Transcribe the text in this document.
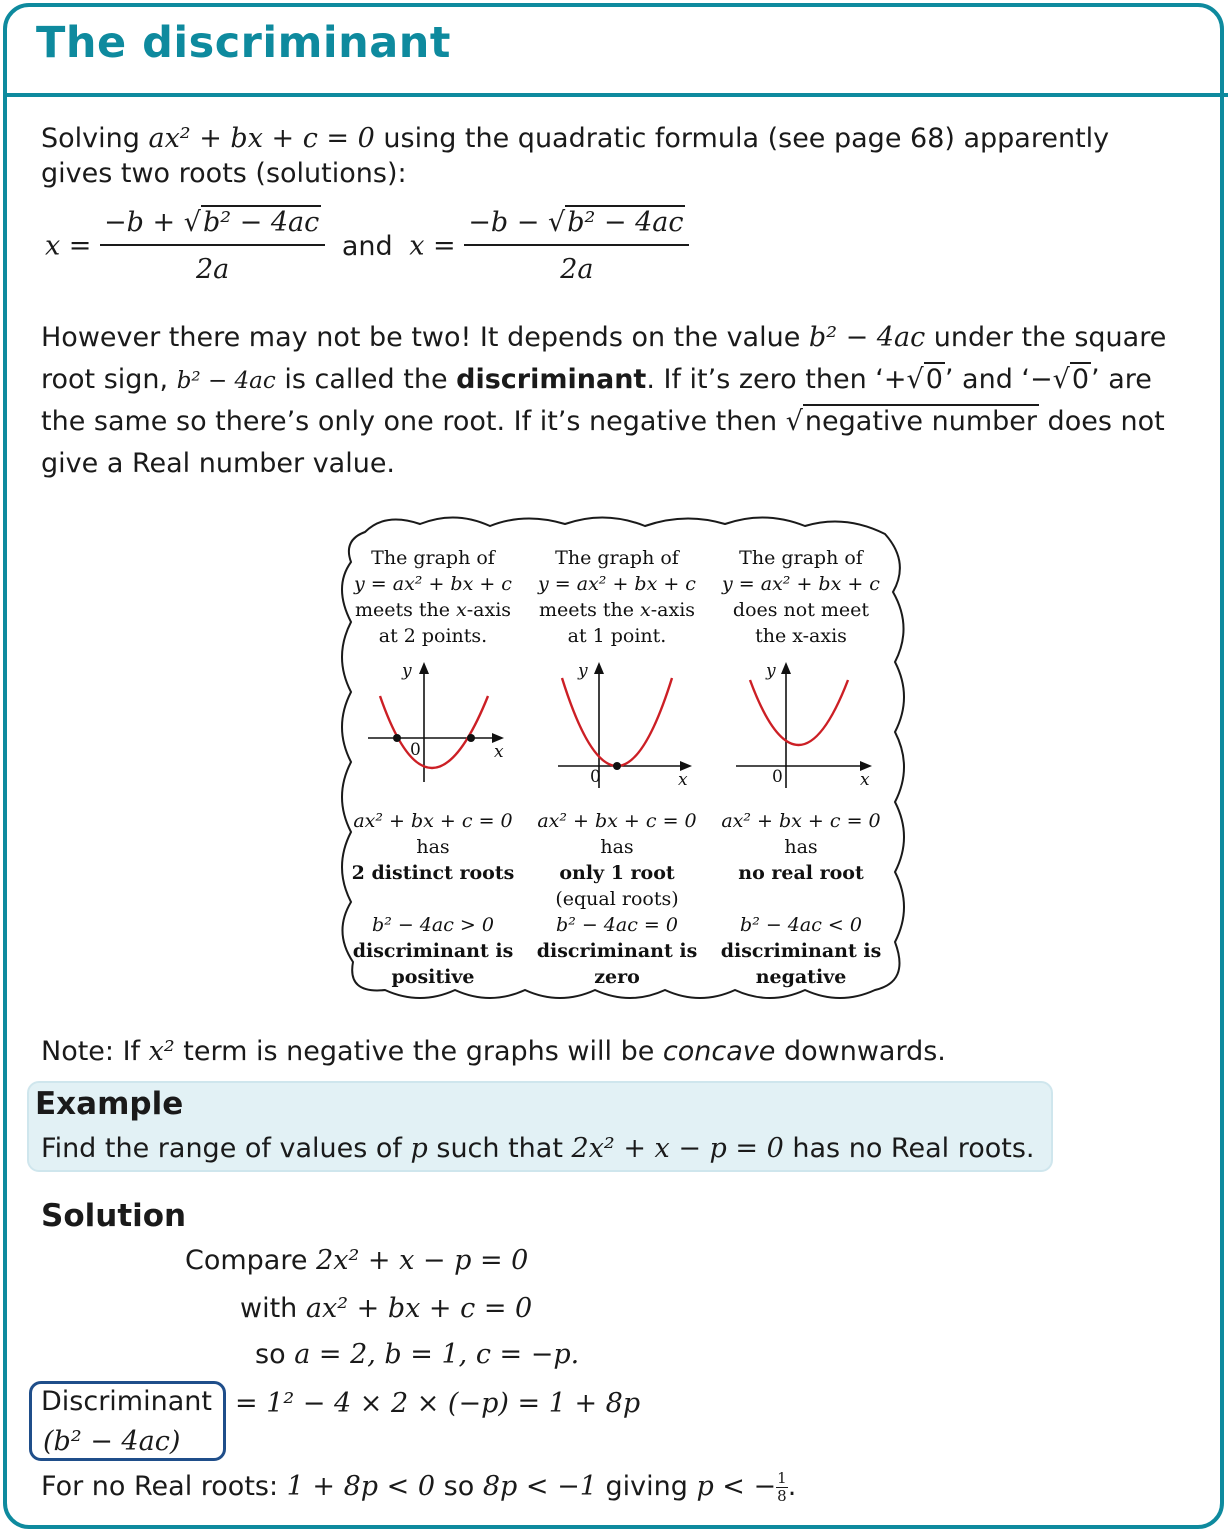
The discriminant
Solving ax² + bx + c = 0 using the quadratic formula (see page 68) apparently
gives two roots (solutions):
$x = \frac{\text{−b + √b² − 4ac}}{2a}$ and $x = \frac{\text{−b − √b² − 4ac}}{2a}$
However there may not be two! It depends on the value b² − 4ac under the square
root sign, b² − 4ac is called the discriminant. If it’s zero then ‘+√0’ and ‘−√0’ are
the same so there’s only one root. If it’s negative then √negative number does not
give a Real number value.
The graph of
y = ax² + bx + c
meets the x-axis
at 2 points.
The graph of
y = ax² + bx + c
meets the x-axis
at 1 point.
The graph of
y = ax² + bx + c
does not meet
the x-axis
y
x
0
y
x
0
y
x
0
ax² + bx + c = 0
has
2 distinct roots
b² − 4ac > 0
discriminant is
positive
ax² + bx + c = 0
has
only 1 root
(equal roots)
b² − 4ac = 0
discriminant is
zero
ax² + bx + c = 0
has
no real root
b² − 4ac < 0
discriminant is
negative
Note: If x² term is negative the graphs will be concave downwards.
Example
Find the range of values of p such that 2x² + x − p = 0 has no Real roots.
Solution
Compare 2x² + x − p = 0
with ax² + bx + c = 0
so a = 2, b = 1, c = −p.
Discriminant
(b² − 4ac)
= 1² − 4 × 2 × (−p) = 1 + 8p
For no Real roots: 1 + 8p < 0 so 8p < −1 giving p < − $\frac{1}{8}$ .
